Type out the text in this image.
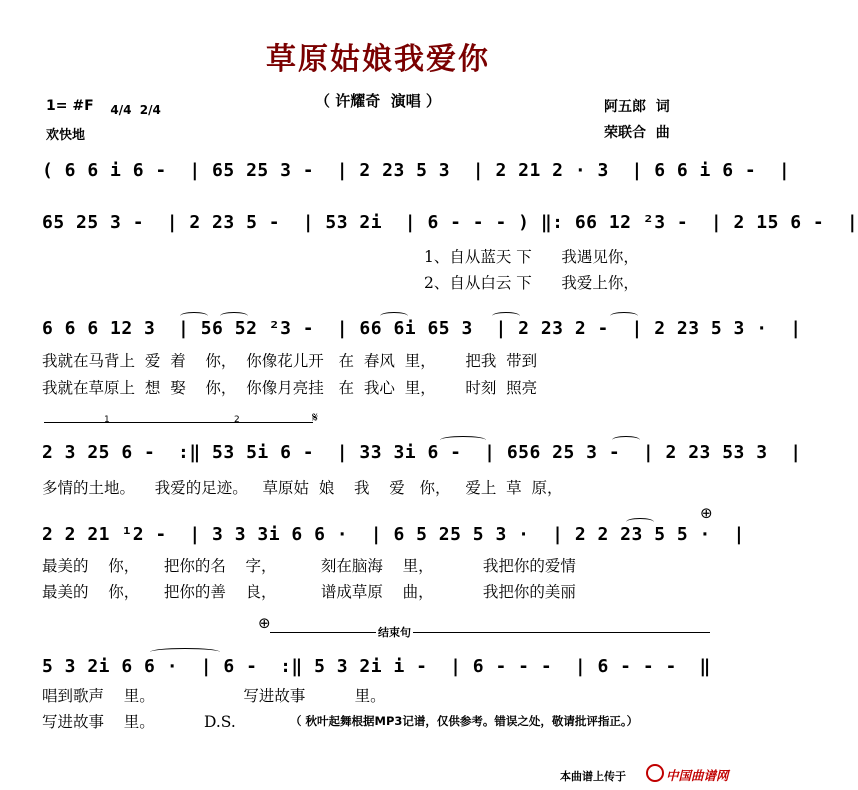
草原姑娘我爱你
（ 许耀奇  演唱 ）
1= #F	4/4  2/4

欢快地
阿五郎  词
荣联合  曲
( 6 6 i 6 -  | 65 25 3 -  | 2 23 5 3  | 2 21 2 · 3  | 6 6 i 6 -  |
65 25 3 -  | 2 23 5 -  | 53 2i  | 6 - - - ) ‖: 66 12 ²3 -  | 2 15 6 -  |
1、自从蓝天 下      我遇见你，
2、自从白云 下      我爱上你，
6 6 6 12 3  | 56 52 ²3 -  | 66 6i 65 3  | 2 23 2 -  | 2 23 5 3 ·  |
我就在马背上  爱  着    你，  你像花儿开   在  春风  里，      把我  带到
我就在草原上  想  娶    你，  你像月亮挂   在  我心  里，      时刻  照亮
1	2	𝄋
2 3 25 6 -  :‖ 53 5i 6 -  | 33 3i 6 -  | 656 25 3 -  | 2 23 53 3  |
多情的土地。    我爱的足迹。   草原姑  娘    我    爱   你，   爱上  草  原，
⊕
2 2 21 ¹2 -  | 3 3 3i 6 6 ·  | 6 5 25 5 3 ·  | 2 2 23 5 5 ·  |
最美的    你，     把你的名    字，         刻在脑海    里，          我把你的爱情
最美的    你，     把你的善    良，         谱成草原    曲，          我把你的美丽
⊕
结束句
5 3 2i 6 6 ·  | 6 -  :‖ 5 3 2i i -  | 6 - - -  | 6 - - -  ‖
唱到歌声    里。                  写进故事          里。
写进故事    里。          D.S.	（ 秋叶起舞根据MP3记谱，仅供参考。错误之处，敬请批评指正。）
本曲谱上传于	中国曲谱网
